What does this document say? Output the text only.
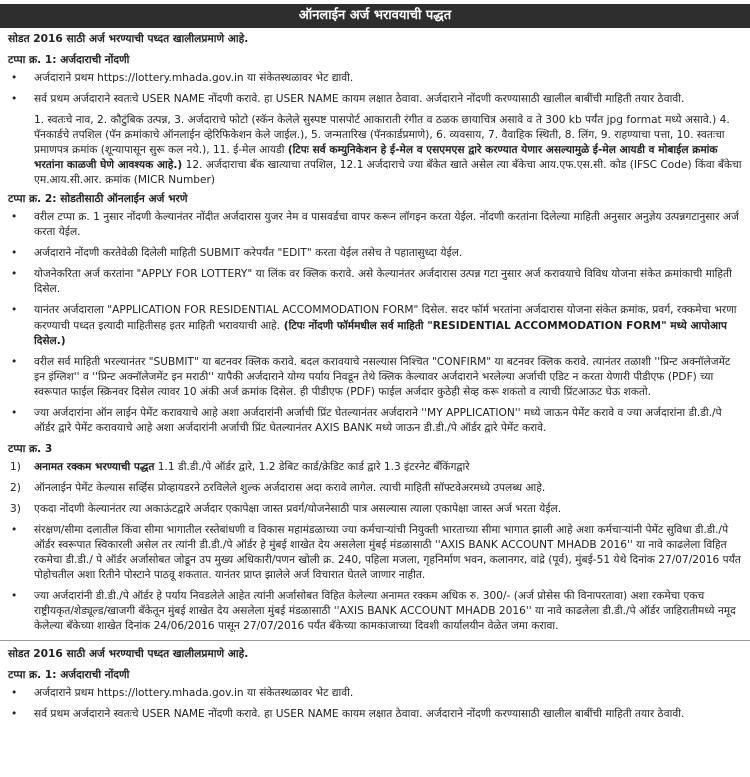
ऑनलाईन अर्ज भरावयाची पद्धत

सोडत 2016 साठी अर्ज भरण्याची पध्दत खालीलप्रमाणे आहे.

टप्पा क्र. 1: अर्जदाराची नोंदणी

• अर्जदाराने प्रथम https://lottery.mhada.gov.in या संकेतस्थळावर भेट द्यावी.
• सर्व प्रथम अर्जदाराने स्वतःचे USER NAME नोंदणी करावे. हा USER NAME कायम लक्षात ठेवावा. अर्जदाराने नोंदणी करण्यासाठी खालील बाबींची माहिती तयार ठेवावी.

1. स्वतःचे नाव, 2. कौटुंबिक उत्पन्न, 3. अर्जदाराचे फोटो (स्कॅन केलेले सुस्पष्ट पासपोर्ट आकाराती रंगीत व ठळक छायाचित्र असावे व ते 300 kb पर्यंत jpg format मध्ये असावे.) 4. पॅनकार्डचे तपशिल (पॅन क्रमांकाचे ऑनलाईन व्हेरिफिकेशन केले जाईल.), 5. जन्मतारिख (पॅनकार्डप्रमाणे), 6. व्यवसाय, 7. वैवाहिक स्थिती, 8. लिंग, 9. राहण्याचा पत्ता, 10. स्वतःचा प्रमाणपत्र क्रमांक (शून्यापासून सुरू कल नये.), 11. ई-मेल आयडी (टिपः सर्व कम्युनिकेशन हे ई-मेल व एसएमएस द्वारे करण्यात येणार असल्यामुळे ई-मेल आयडी व मोबाईल क्रमांक भरतांना काळजी घेणे आवश्यक आहे.) 12. अर्जदाराचा बँक खात्याचा तपशिल, 12.1 अर्जदाराचे ज्या बँकेत खाते असेल त्या बँकेचा आय.एफ.एस.सी. कोड (IFSC Code) किंवा बँकेचा एम.आय.सी.आर. क्रमांक (MICR Number)

टप्पा क्र. 2: सोडतीसाठी ऑनलाईन अर्ज भरणे

• वरील टप्पा क्र. 1 नुसार नोंदणी केल्यानंतर नोंदीत अर्जदारास युजर नेम व पासवर्डचा वापर करून लॉगइन करता येईल. नोंदणी करतांना दिलेल्या माहिती अनुसार अनुज्ञेय उत्पन्नगटानुसार अर्ज करता येईल.
• अर्जदाराने नोंदणी करतेवेळी दिलेली माहिती SUBMIT करेपर्यंत "EDIT" करता येईल तसेच ते पहातासुध्दा येईल.
• योजनेकरिता अर्ज करतांना "APPLY FOR LOTTERY" या लिंक वर क्लिक करावे. असे केल्यानंतर अर्जदारास उत्पन्न गटा नुसार अर्ज करावयाचे विविध योजना संकेत क्रमांकाची माहिती दिसेल.
• यानंतर अर्जदाराला "APPLICATION FOR RESIDENTIAL ACCOMMODATION FORM" दिसेल. सदर फॉर्म भरतांना अर्जदारास योजना संकेत क्रमांक, प्रवर्ग, रक्कमेचा भरणा करण्याची पध्दत इत्यादी माहितीसह इतर माहिती भरावयाची आहे. (टिपः नोंदणी फॉर्ममधील सर्व माहिती "RESIDENTIAL ACCOMMODATION FORM" मध्ये आपोआप दिसेल.)
• वरील सर्व माहिती भरल्यानंतर "SUBMIT" या बटनवर क्लिक करावे. बदल करावयाचे नसल्यास निश्चित "CONFIRM" या बटनवर क्लिक करावे. त्यानंतर तळाशी ''प्रिन्ट अक्नॉलेजमेंट इन इंग्लिश'' व ''प्रिन्ट अक्नॉलेजमेंट इन मराठी'' यापैकी अर्जदाराने योग्य पर्याय निवडून तेथे क्लिक केल्यावर अर्जदाराने भरलेल्या अर्जाची एडिट न करता येणारी पीडीएफ (PDF) च्या स्वरूपात फाईल स्क्रिनवर दिसेल त्यावर 10 अंकी अर्ज क्रमांक दिसेल. ही पीडीएफ (PDF) फाईल अर्जदार कुठेही सेव्ह करू शकतो व त्याची प्रिंटआऊट घेऊ शकतो.
• ज्या अर्जदारांना ऑन लाईन पेमेंट करावयाचे आहे अशा अर्जदारांनी अर्जाची प्रिंट घेतल्यानंतर अर्जदाराने ''MY APPLICATION'' मध्ये जाऊन पेमेंट करावे व ज्या अर्जदारांना डी.डी./पे ऑर्डर द्वारे पेमेंट करावयाचे आहे अशा अर्जदारांनी अर्जाची प्रिंट घेतल्यानंतर AXIS BANK मध्ये जाऊन डी.डी./पे ऑर्डर द्वारे पेमेंट करावे.

टप्पा क्र. 3

1) अनामत रक्कम भरण्याची पद्धत 1.1 डी.डी./पे ऑर्डर द्वारे, 1.2 डेबिट कार्ड/क्रेडिट कार्ड द्वारे 1.3 इंटरनेट बँकिंगद्वारे
2) ऑनलाईन पेमेंट केल्यास सर्व्हिस प्रोव्हायडरने ठरविलेले शुल्क अर्जदारास अदा करावे लागेल. त्याची माहिती सॉफ्टवेअरमध्ये उपलब्ध आहे.
3) एकदा नोंदणी केल्यानंतर त्या अकाऊंटद्वारे अर्जदार एकापेक्षा जास्त प्रवर्ग/योजनेसाठी पात्र असल्यास त्याला एकापेक्षा जास्त अर्ज भरता येईल.
• संरक्षण/सीमा दलातील किंवा सीमा भागातील रस्तेबांधणी व विकास महामंडळाच्या ज्या कर्मचाऱ्यांची नियुक्ती भारताच्या सीमा भागात झाली आहे अशा कर्मचाऱ्यांनी पेमेंट सुविधा डी.डी./पे ऑर्डर स्वरूपात स्विकारली असेल तर त्यांनी डी.डी./पे ऑर्डर हे मुंबई शाखेत देय असलेला मुंबई मंडळासाठी ''AXIS BANK ACCOUNT MHADB 2016'' या नावे काढलेला विहित रकमेचा डी.डी./ पे ऑर्डर अर्जासोबत जोडून उप मुख्य अधिकारी/पणन खोली क्र. 240, पहिला मजला, गृहनिर्माण भवन, कलानगर, वांद्रे (पूर्व), मुंबई-51 येथे दिनांक 27/07/2016 पर्यंत पोहोचतील अशा रितीने पोस्टाने पाठवू शकतात. यानंतर प्राप्त झालेले अर्ज विचारात घेतले जाणार नाहीत.
• ज्या अर्जदारांनी डी.डी./पे ऑर्डर हे पर्याय निवडलेले आहेत त्यांनी अर्जासोबत विहित केलेल्या अनामत रक्कम अधिक रु. 300/- (अर्ज प्रोसेस फी विनापरतावा) अशा रकमेचा एकच राष्ट्रीयकृत/शेड्यूल्ड/खाजगी बँकेतून मुंबई शाखेत देय असलेला मुंबई मंडळासाठी ''AXIS BANK ACCOUNT MHADB 2016'' या नावे काढलेला डी.डी./पे ऑर्डर जाहिरातीमध्ये नमूद केलेल्या बँकेच्या शाखेत दिनांक 24/06/2016 पासून 27/07/2016 पर्यंत बँकेच्या कामकाजाच्या दिवशी कार्यालयीन वेळेत जमा करावा.

सोडत 2016 साठी अर्ज भरण्याची पध्दत खालीलप्रमाणे आहे.

टप्पा क्र. 1: अर्जदाराची नोंदणी

• अर्जदाराने प्रथम https://lottery.mhada.gov.in या संकेतस्थळावर भेट द्यावी.
• सर्व प्रथम अर्जदाराने स्वतःचे USER NAME नोंदणी करावे. हा USER NAME कायम लक्षात ठेवावा. अर्जदाराने नोंदणी करण्यासाठी खालील बाबींची माहिती तयार ठेवावी.
